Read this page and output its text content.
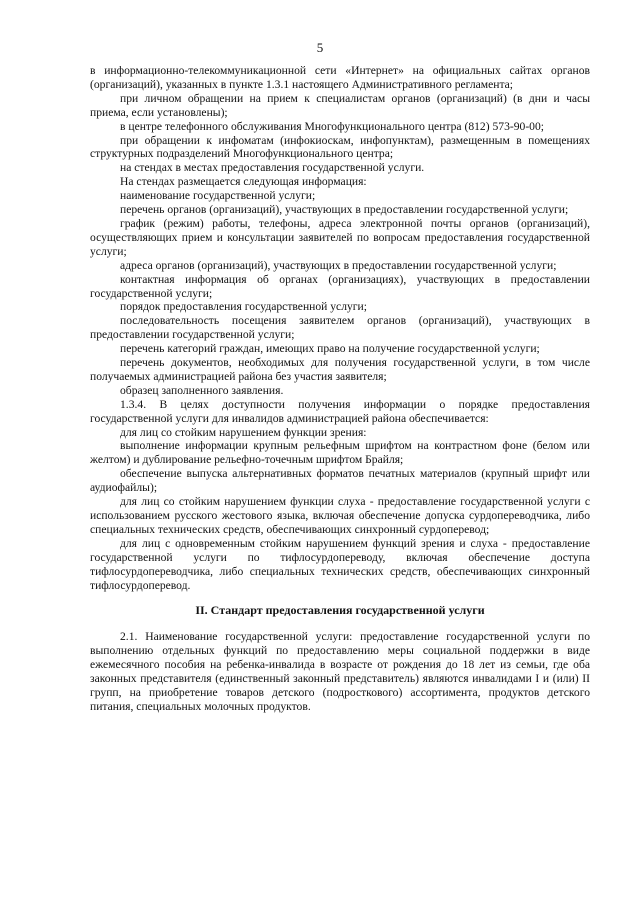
5

в информационно-телекоммуникационной сети «Интернет» на официальных сайтах органов (организаций), указанных в пункте 1.3.1 настоящего Административного регламента;

при личном обращении на прием к специалистам органов (организаций) (в дни и часы приема, если установлены);

в центре телефонного обслуживания Многофункционального центра (812) 573-90-00;

при обращении к инфоматам (инфокиоскам, инфопунктам), размещенным в помещениях структурных подразделений Многофункционального центра;

на стендах в местах предоставления государственной услуги.

На стендах размещается следующая информация:

наименование государственной услуги;

перечень органов (организаций), участвующих в предоставлении государственной услуги;

график (режим) работы, телефоны, адреса электронной почты органов (организаций), осуществляющих прием и консультации заявителей по вопросам предоставления государственной услуги;

адреса органов (организаций), участвующих в предоставлении государственной услуги;

контактная информация об органах (организациях), участвующих в предоставлении государственной услуги;

порядок предоставления государственной услуги;

последовательность посещения заявителем органов (организаций), участвующих в предоставлении государственной услуги;

перечень категорий граждан, имеющих право на получение государственной услуги;

перечень документов, необходимых для получения государственной услуги, в том числе получаемых администрацией района без участия заявителя;

образец заполненного заявления.

1.3.4. В целях доступности получения информации о порядке предоставления государственной услуги для инвалидов администрацией района обеспечивается:

для лиц со стойким нарушением функции зрения:

выполнение информации крупным рельефным шрифтом на контрастном фоне (белом или желтом) и дублирование рельефно-точечным шрифтом Брайля;

обеспечение выпуска альтернативных форматов печатных материалов (крупный шрифт или аудиофайлы);

для лиц со стойким нарушением функции слуха - предоставление государственной услуги с использованием русского жестового языка, включая обеспечение допуска сурдопереводчика, либо специальных технических средств, обеспечивающих синхронный сурдоперевод;

для лиц с одновременным стойким нарушением функций зрения и слуха - предоставление государственной услуги по тифлосурдопереводу, включая обеспечение доступа тифлосурдопереводчика, либо специальных технических средств, обеспечивающих синхронный тифлосурдоперевод.

II. Стандарт предоставления государственной услуги

2.1. Наименование государственной услуги: предоставление государственной услуги по выполнению отдельных функций по предоставлению меры социальной поддержки в виде ежемесячного пособия на ребенка-инвалида в возрасте от рождения до 18 лет из семьи, где оба законных представителя (единственный законный представитель) являются инвалидами I и (или) II групп, на приобретение товаров детского (подросткового) ассортимента, продуктов детского питания, специальных молочных продуктов.
